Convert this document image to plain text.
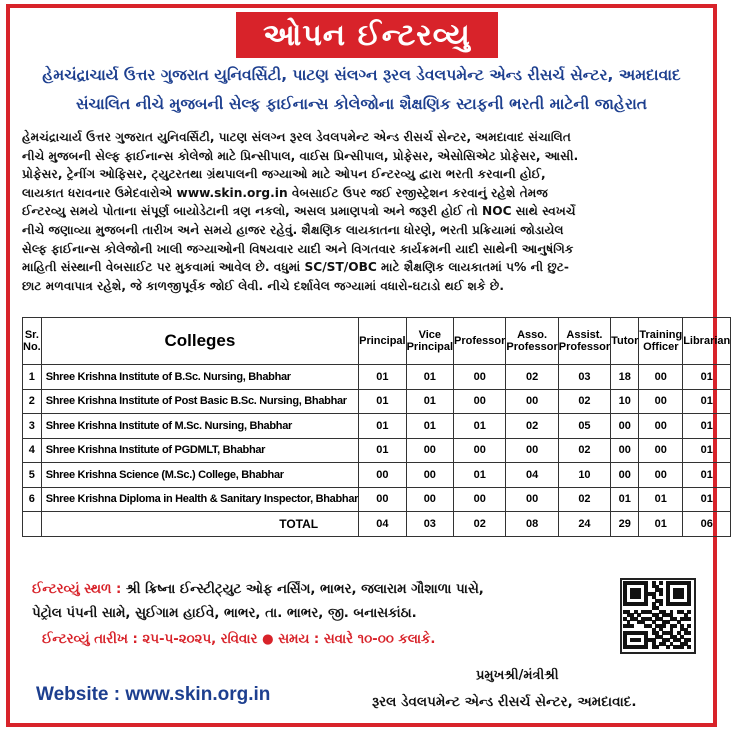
ઓપન ઈન્ટરવ્યુ
હેમચંદ્રાચાર્ય ઉત્તર ગુજરાત યુનિવર્સિટી, પાટણ સંલગ્ન રૂરલ ડેવલપમેન્ટ એન્ડ રીસર્ચ સેન્ટર, અમદાવાદ
સંચાલિત નીચે મુજબની સેલ્ફ ફાઈનાન્સ કોલેજોના શૈક્ષણિક સ્ટાફની ભરતી માટેની જાહેરાત
હેમચંદ્રાચાર્ય ઉત્તર ગુજરાત યુનિવર્સિટી, પાટણ સંલગ્ન રૂરલ ડેવલપમેન્ટ એન્ડ રીસર્ચ સેન્ટર, અમદાવાદ સંચાલિત
નીચે મુજબની સેલ્ફ ફાઈનાન્સ કોલેજો માટે પ્રિન્સીપાલ, વાઈસ પ્રિન્સીપાલ, પ્રોફેસર, એસોસિએટ પ્રોફેસર, આસી.
પ્રોફેસર, ટ્રેનીંગ ઓફિસર, ટ્યુટરતથા ગ્રંથપાલની જગ્યાઓ માટે ઓપન ઈન્ટરવ્યુ દ્વારા ભરતી કરવાની હોઈ,
લાયકાત ધરાવનાર ઉમેદવારોએ www.skin.org.in વેબસાઈટ ઉપર જઈ રજીસ્ટ્રેશન કરવાનું રહેશે તેમજ
ઈન્ટરવ્યુ સમયે પોતાના સંપૂર્ણ બાયોડેટાની ત્રણ નકલો, અસલ પ્રમાણપત્રો અને જરૂરી હોઈ તો NOC સાથે સ્વખર્ચે
નીચે જણાવ્યા મુજબની તારીખ અને સમયે હાજર રહેવું. શૈક્ષણિક લાયકાતના ધોરણે, ભરતી પ્રક્રિયામાં જોડાયેલ
સેલ્ફ ફાઈનાન્સ કોલેજોની ખાલી જગ્યાઓની વિષયવાર યાદી અને વિગતવાર કાર્યક્રમની યાદી સાથેની આનુષંગિક
માહિતી સંસ્થાની વેબસાઈટ પર મુકવામાં આવેલ છે. વધુમાં SC/ST/OBC માટે શૈક્ષણિક લાયકાતમાં ૫% ની છુટ-
છાટ મળવાપાત્ર રહેશે, જે કાળજીપૂર્વક જોઈ લેવી. નીચે દર્શાવેલ જગ્યામાં વધારો-ઘટાડો થઈ શકે છે.
Sr. No.	Colleges	Principal	Vice Principal	Professor	Asso. Professor	Assist. Professor	Tutor	Training Officer	Librarian
1	Shree Krishna Institute of B.Sc. Nursing, Bhabhar	01	01	00	02	03	18	00	01
2	Shree Krishna Institute of Post Basic B.Sc. Nursing, Bhabhar	01	01	00	00	02	10	00	01
3	Shree Krishna Institute of M.Sc. Nursing, Bhabhar	01	01	01	02	05	00	00	01
4	Shree Krishna Institute of PGDMLT, Bhabhar	01	00	00	00	02	00	00	01
5	Shree Krishna Science (M.Sc.) College, Bhabhar	00	00	01	04	10	00	00	01
6	Shree Krishna Diploma in Health & Sanitary Inspector, Bhabhar	00	00	00	00	02	01	01	01
	TOTAL	04	03	02	08	24	29	01	06
ઈન્ટરવ્યું સ્થળ : શ્રી ક્રિષ્ના ઈન્સ્ટીટ્યુટ ઓફ નર્સિંગ, ભાભર, જલારામ ગૌશાળા પાસે,
પેટ્રોલ પંપની સામે, સુઈગામ હાઈવે, ભાભર, તા. ભાભર, જી. બનાસકાંઠા.
ઈન્ટરવ્યું તારીખ : ૨૫-૫-૨૦૨૫, રવિવાર ● સમય : સવારે ૧૦-૦૦ કલાકે.
Website : www.skin.org.in
પ્રમુખશ્રી/મંત્રીશ્રી
રૂરલ ડેવલપમેન્ટ એન્ડ રીસર્ચ સેન્ટર, અમદાવાદ.
